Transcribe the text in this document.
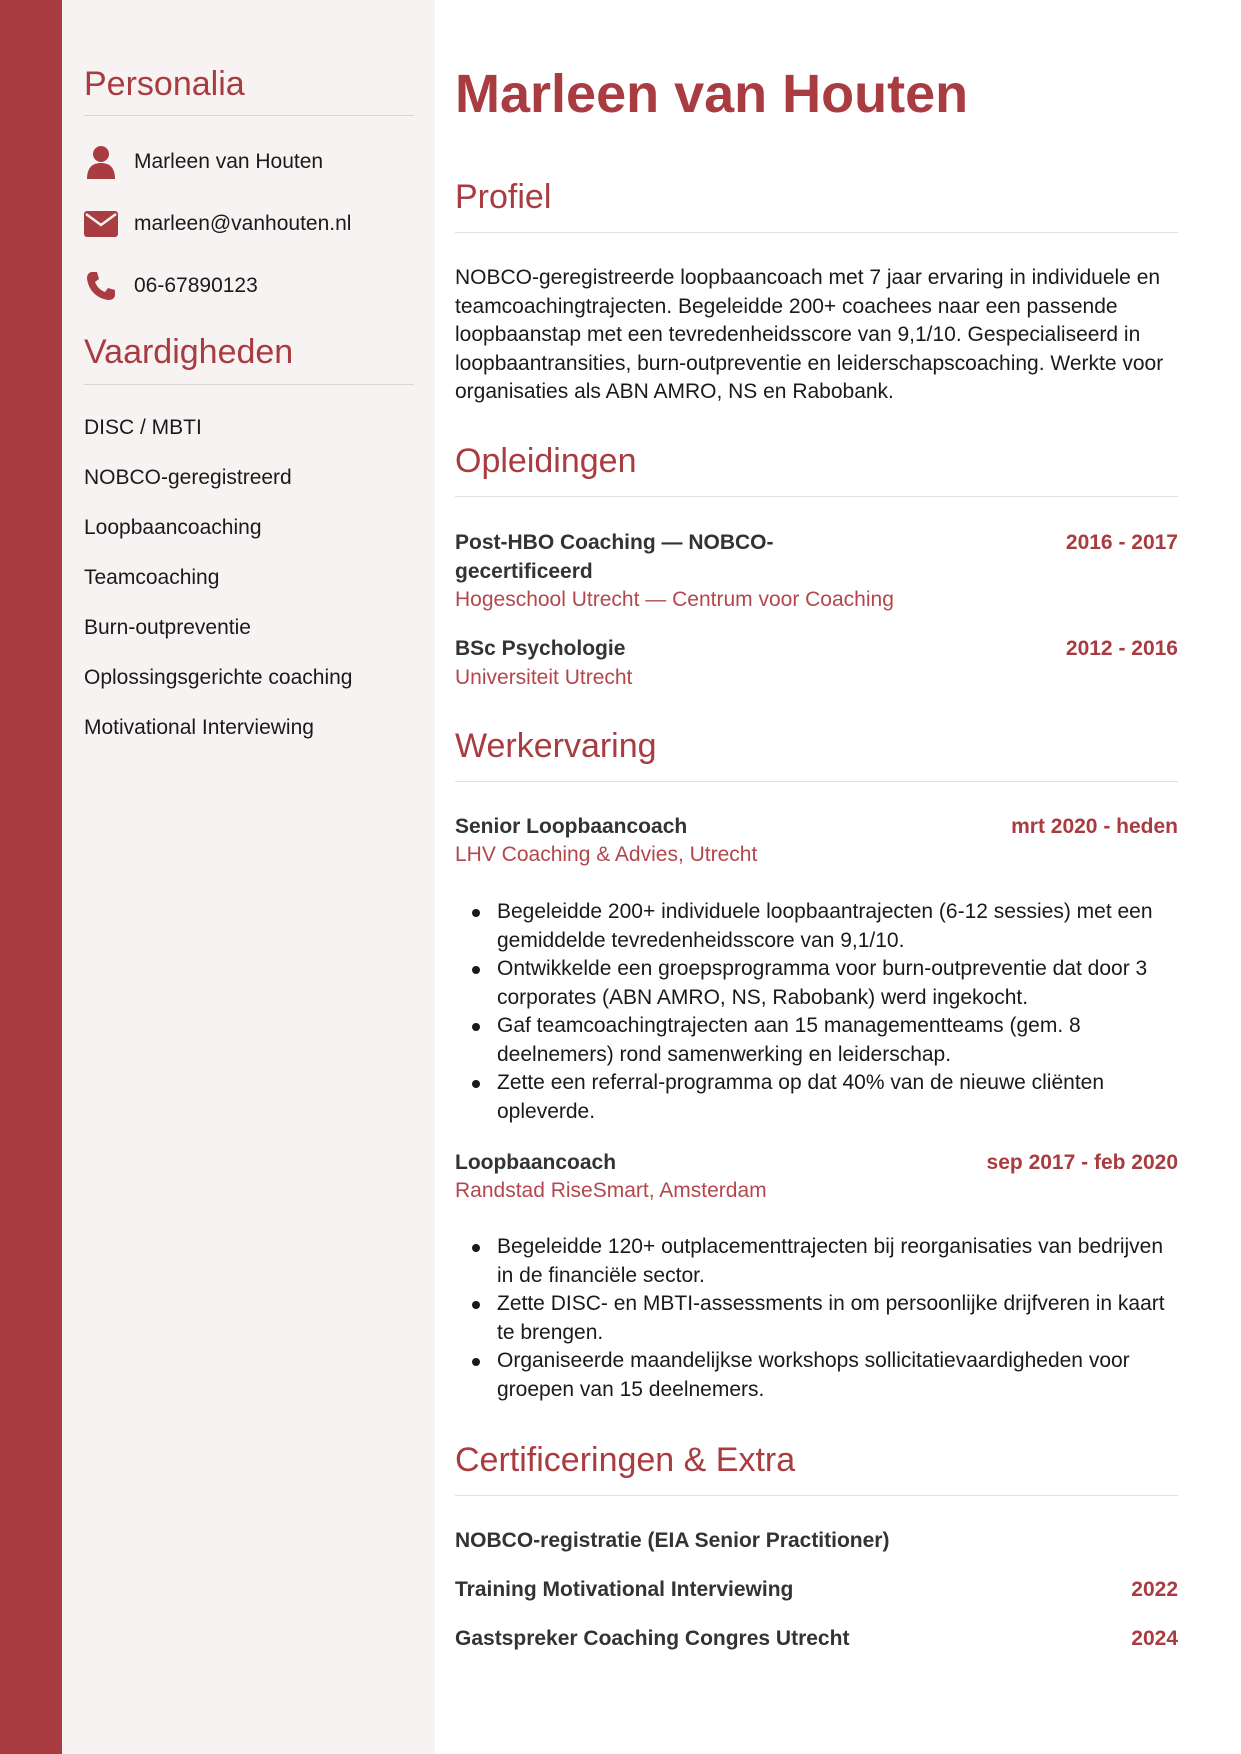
Personalia
Marleen van Houten
marleen@vanhouten.nl
06-67890123
Vaardigheden
DISC / MBTI
NOBCO-geregistreerd
Loopbaancoaching
Teamcoaching
Burn-outpreventie
Oplossingsgerichte coaching
Motivational Interviewing
Marleen van Houten
Profiel

NOBCO-geregistreerde loopbaancoach met 7 jaar ervaring in individuele en teamcoachingtrajecten. Begeleidde 200+ coachees naar een passende loopbaanstap met een tevredenheidsscore van 9,1/10. Gespecialiseerd in loopbaantransities, burn-outpreventie en leiderschapscoaching. Werkte voor organisaties als ABN AMRO, NS en Rabobank.

Opleidingen
Post-HBO Coaching — NOBCO-gecertificeerd
2016 - 2017
Hogeschool Utrecht — Centrum voor Coaching
BSc Psychologie	2012 - 2016
Universiteit Utrecht
Werkervaring
Senior Loopbaancoach	mrt 2020 - heden
LHV Coaching & Advies, Utrecht
Begeleidde 200+ individuele loopbaantrajecten (6-12 sessies) met een gemiddelde tevredenheidsscore van 9,1/10.
Ontwikkelde een groepsprogramma voor burn-outpreventie dat door 3 corporates (ABN AMRO, NS, Rabobank) werd ingekocht.
Gaf teamcoachingtrajecten aan 15 managementteams (gem. 8 deelnemers) rond samenwerking en leiderschap.
Zette een referral-programma op dat 40% van de nieuwe cliënten opleverde.
Loopbaancoach	sep 2017 - feb 2020
Randstad RiseSmart, Amsterdam
Begeleidde 120+ outplacementtrajecten bij reorganisaties van bedrijven in de financiële sector.
Zette DISC- en MBTI-assessments in om persoonlijke drijfveren in kaart te brengen.
Organiseerde maandelijkse workshops sollicitatievaardigheden voor groepen van 15 deelnemers.
Certificeringen & Extra
NOBCO-registratie (EIA Senior Practitioner)
Training Motivational Interviewing	2022
Gastspreker Coaching Congres Utrecht	2024
